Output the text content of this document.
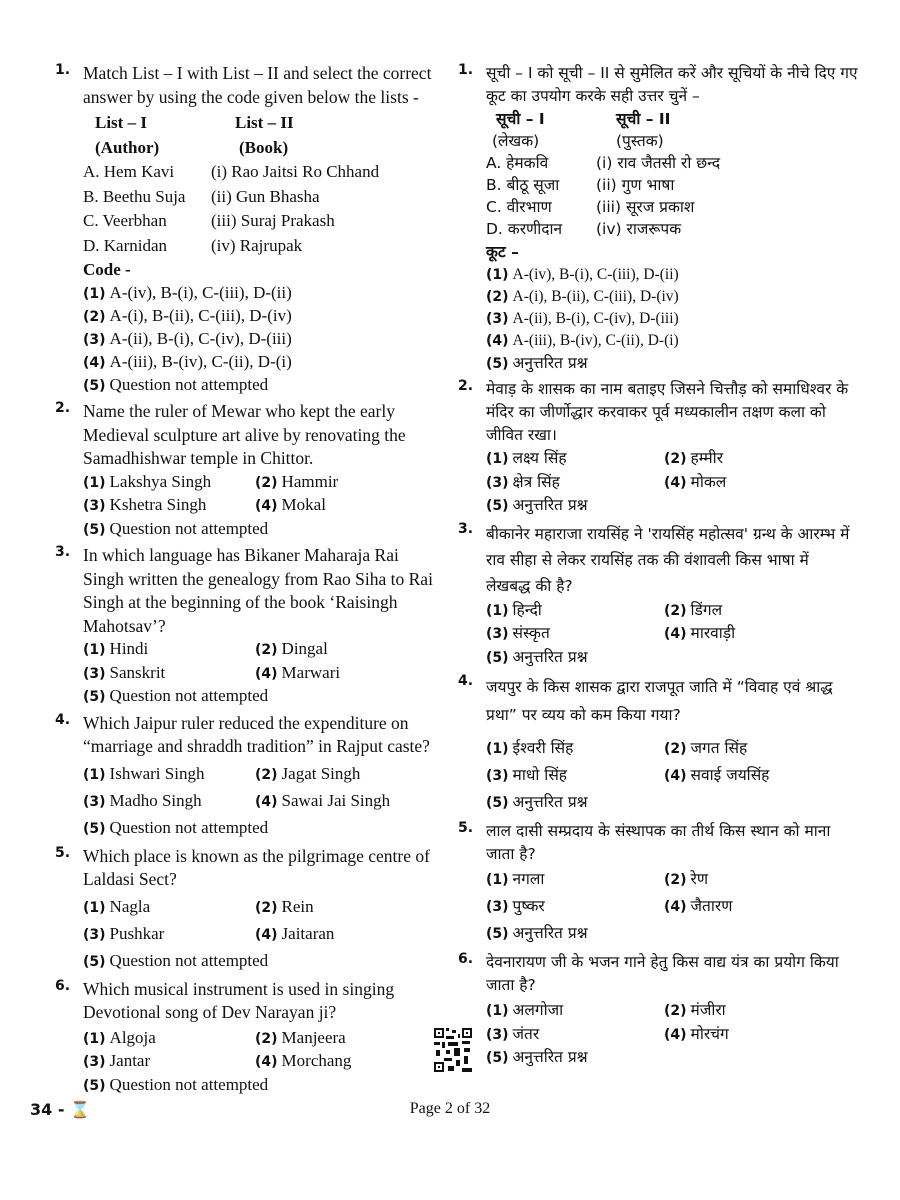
1. Match List – I with List – II and select the correct answer by using the code given below the lists -
List – I	List – II
(Author)	(Book)
A. Hem Kavi	(i) Rao Jaitsi Ro Chhand
B. Beethu Suja	(ii) Gun Bhasha
C. Veerbhan	(iii) Suraj Prakash
D. Karnidan	(iv) Rajrupak
Code -
(1) A-(iv), B-(i), C-(iii), D-(ii)
(2) A-(i), B-(ii), C-(iii), D-(iv)
(3) A-(ii), B-(i), C-(iv), D-(iii)
(4) A-(iii), B-(iv), C-(ii), D-(i)
(5) Question not attempted
2. Name the ruler of Mewar who kept the early Medieval sculpture art alive by renovating the Samadhishwar temple in Chittor.
(1) Lakshya Singh	(2) Hammir
(3) Kshetra Singh	(4) Mokal
(5) Question not attempted
3. In which language has Bikaner Maharaja Rai Singh written the genealogy from Rao Siha to Rai Singh at the beginning of the book ‘Raisingh Mahotsav’?
(1) Hindi	(2) Dingal
(3) Sanskrit	(4) Marwari
(5) Question not attempted
4. Which Jaipur ruler reduced the expenditure on “marriage and shraddh tradition” in Rajput caste?
(1) Ishwari Singh	(2) Jagat Singh
(3) Madho Singh	(4) Sawai Jai Singh
(5) Question not attempted
5. Which place is known as the pilgrimage centre of Laldasi Sect?
(1) Nagla	(2) Rein
(3) Pushkar	(4) Jaitaran
(5) Question not attempted
6. Which musical instrument is used in singing Devotional song of Dev Narayan ji?
(1) Algoja	(2) Manjeera
(3) Jantar	(4) Morchang
(5) Question not attempted
1. सूची – I को सूची – II से सुमेलित करें और सूचियों के नीचे दिए गए कूट का उपयोग करके सही उत्तर चुनें –
सूची – I	सूची – II
(लेखक)	(पुस्तक)
A. हेमकवि	(i) राव जैतसी रो छन्द
B. बीठू सूजा	(ii) गुण भाषा
C. वीरभाण	(iii) सूरज प्रकाश
D. करणीदान	(iv) राजरूपक
कूट –
(1) A-(iv), B-(i), C-(iii), D-(ii)
(2) A-(i), B-(ii), C-(iii), D-(iv)
(3) A-(ii), B-(i), C-(iv), D-(iii)
(4) A-(iii), B-(iv), C-(ii), D-(i)
(5) अनुत्तरित प्रश्न
2. मेवाड़ के शासक का नाम बताइए जिसने चित्तौड़ को समाधिश्वर के मंदिर का जीर्णोद्धार करवाकर पूर्व मध्यकालीन तक्षण कला को जीवित रखा।
(1) लक्ष्य सिंह	(2) हम्मीर
(3) क्षेत्र सिंह	(4) मोकल
(5) अनुत्तरित प्रश्न
3. बीकानेर महाराजा रायसिंह ने 'रायसिंह महोत्सव' ग्रन्थ के आरम्भ में राव सीहा से लेकर रायसिंह तक की वंशावली किस भाषा में लेखबद्ध की है?
(1) हिन्दी	(2) डिंगल
(3) संस्कृत	(4) मारवाड़ी
(5) अनुत्तरित प्रश्न
4. जयपुर के किस शासक द्वारा राजपूत जाति में “विवाह एवं श्राद्ध प्रथा” पर व्यय को कम किया गया?
(1) ईश्वरी सिंह	(2) जगत सिंह
(3) माधो सिंह	(4) सवाई जयसिंह
(5) अनुत्तरित प्रश्न
5. लाल दासी सम्प्रदाय के संस्थापक का तीर्थ किस स्थान को माना जाता है?
(1) नगला	(2) रेण
(3) पुष्कर	(4) जैतारण
(5) अनुत्तरित प्रश्न
6. देवनारायण जी के भजन गाने हेतु किस वाद्य यंत्र का प्रयोग किया जाता है?
(1) अलगोजा	(2) मंजीरा
(3) जंतर	(4) मोरचंग
(5) अनुत्तरित प्रश्न
34 - ⌛	Page 2 of 32
